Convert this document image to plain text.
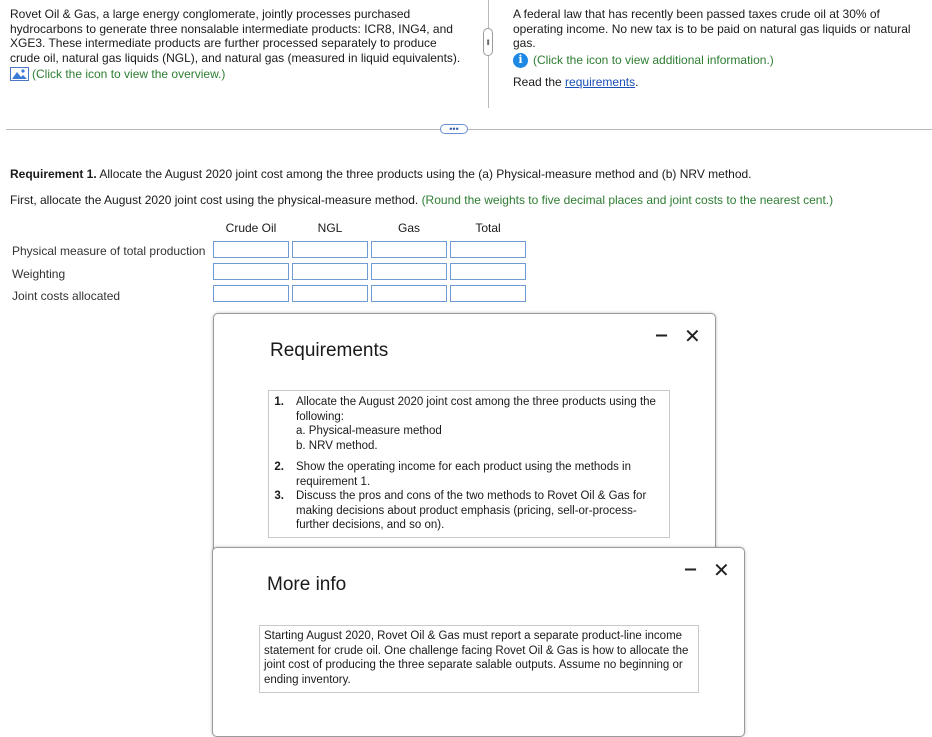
Rovet Oil & Gas, a large energy conglomerate, jointly processes purchased hydrocarbons to generate three nonsalable intermediate products: ICR8, ING4, and XGE3. These intermediate products are further processed separately to produce crude oil, natural gas liquids (NGL), and natural gas (measured in liquid equivalents).
(Click the icon to view the overview.)
A federal law that has recently been passed taxes crude oil at 30% of operating income. No new tax is to be paid on natural gas liquids or natural gas.
i (Click the icon to view additional information.)
Read the requirements.
•••
•••
Requirement 1. Allocate the August 2020 joint cost among the three products using the (a) Physical-measure method and (b) NRV method.
First, allocate the August 2020 joint cost using the physical-measure method. (Round the weights to five decimal places and joint costs to the nearest cent.)
Crude Oil	NGL	Gas	Total
Physical measure of total production
Weighting
Joint costs allocated
Requirements
‒ ✕
1.	Allocate the August 2020 joint cost among the three products using the following:
a. Physical-measure method
b. NRV method.
2.	Show the operating income for each product using the methods in requirement 1.
3.	Discuss the pros and cons of the two methods to Rovet Oil & Gas for making decisions about product emphasis (pricing, sell-or-process-further decisions, and so on).
More info
‒ ✕
Starting August 2020, Rovet Oil & Gas must report a separate product-line income statement for crude oil. One challenge facing Rovet Oil & Gas is how to allocate the joint cost of producing the three separate salable outputs. Assume no beginning or ending inventory.
